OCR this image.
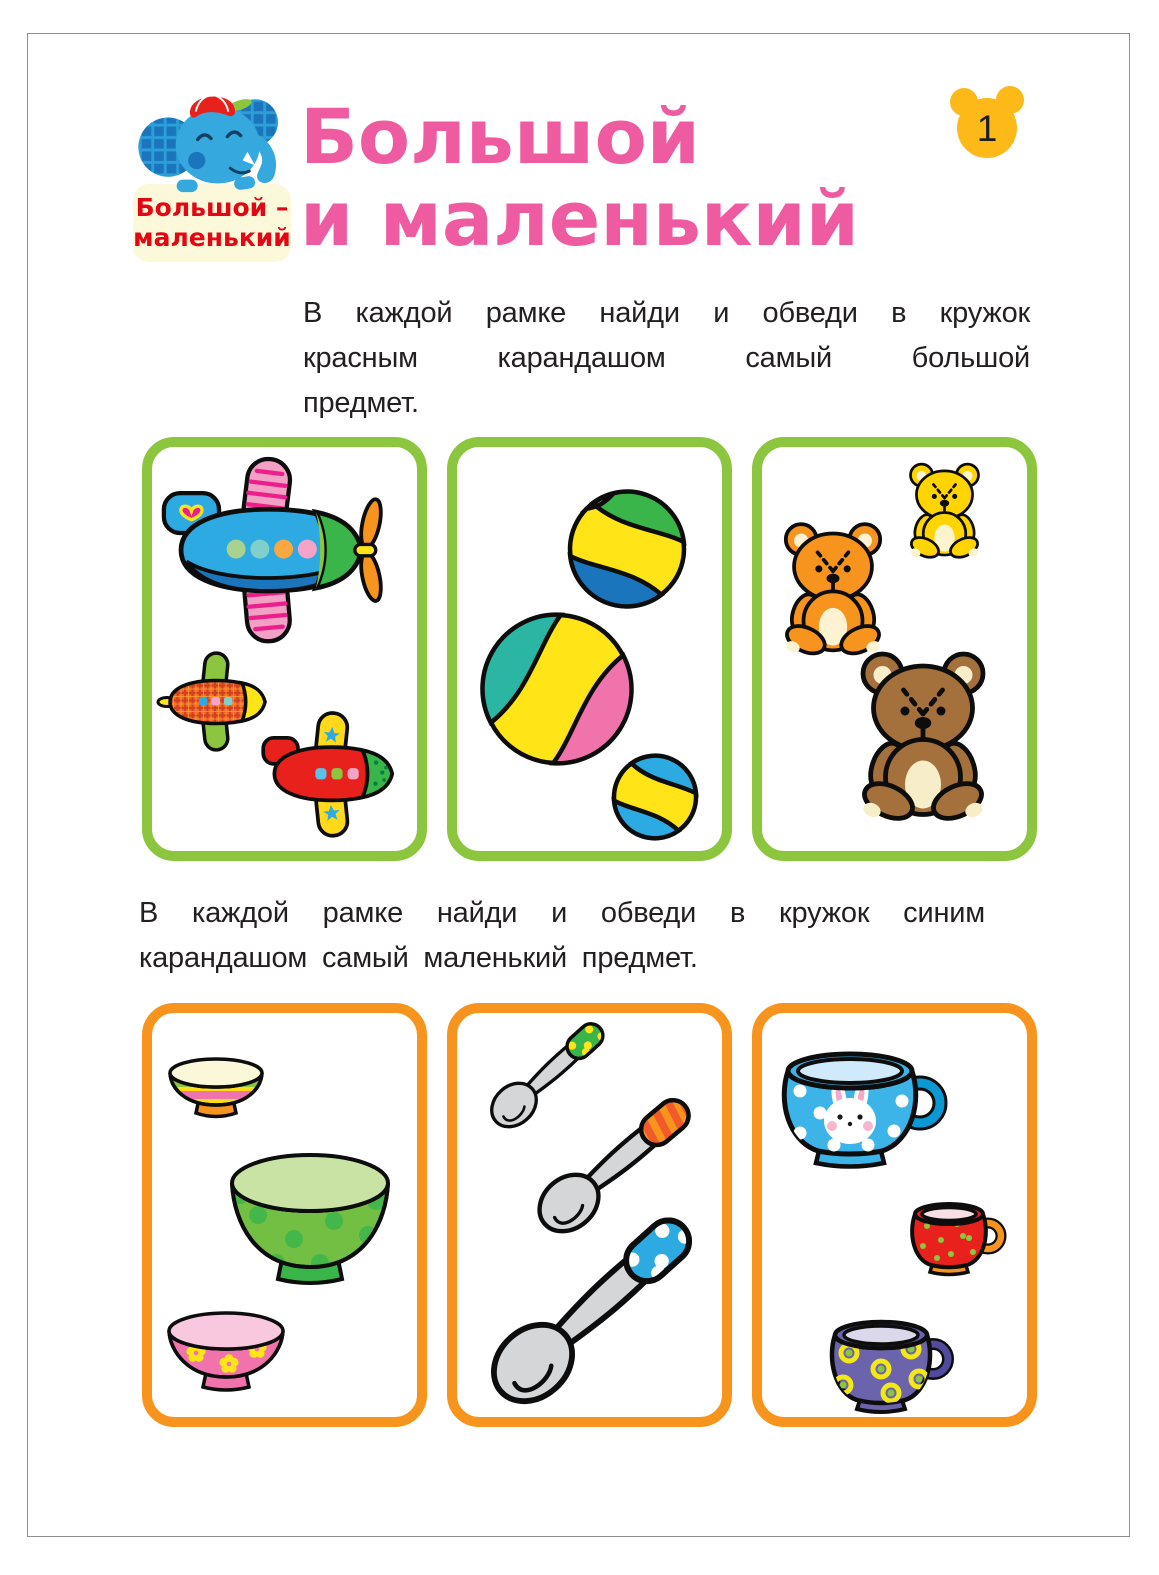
Большой –
маленький
Большой
и маленький
1
В каждой рамке найди и обведи в кружок
красным карандашом самый большой
предмет.
В каждой рамке найди и обведи в кружок синим
карандашом самый маленький предмет.
